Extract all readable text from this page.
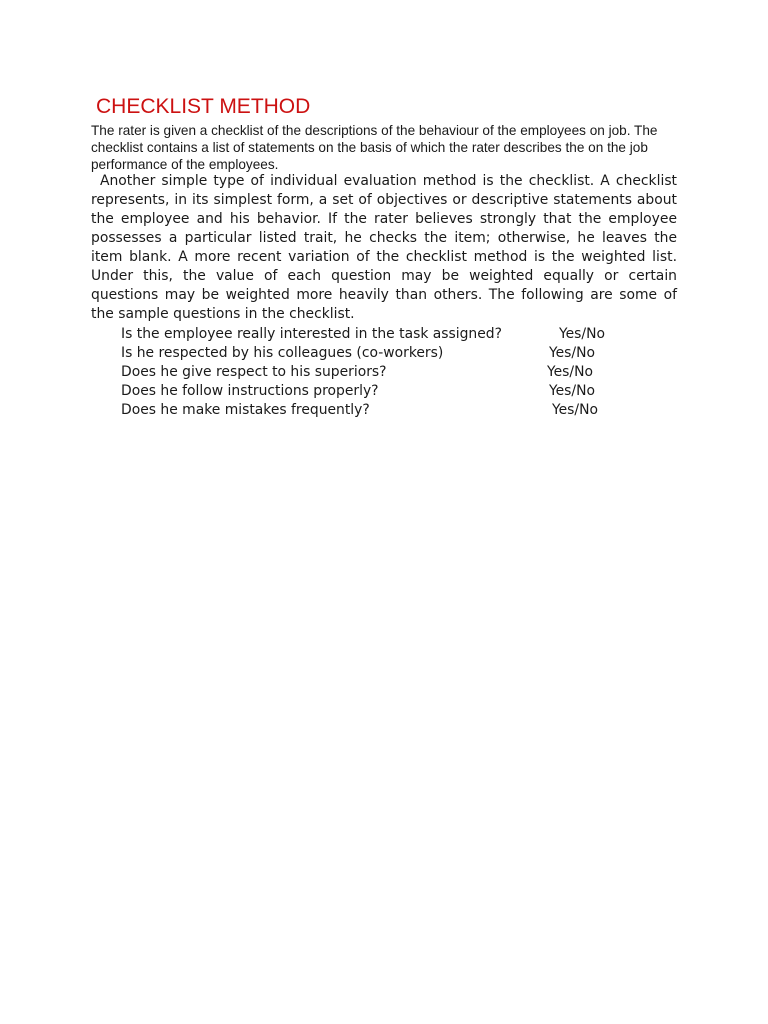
CHECKLIST METHOD

The rater is given a checklist of the descriptions of the behaviour of the employees on job. The checklist contains a list of statements on the basis of which the rater describes the on the job performance of the employees.

Another simple type of individual evaluation method is the checklist. A checklist represents, in its simplest form, a set of objectives or descriptive statements about the employee and his behavior. If the rater believes strongly that the employee possesses a particular listed trait, he checks the item; otherwise, he leaves the item blank. A more recent variation of the checklist method is the weighted list. Under this, the value of each question may be weighted equally or certain questions may be weighted more heavily than others. The following are some of the sample questions in the checklist.

Is the employee really interested in the task assigned?	Yes/No
Is he respected by his colleagues (co-workers)	Yes/No
Does he give respect to his superiors?	Yes/No
Does he follow instructions properly?	Yes/No
Does he make mistakes frequently?	Yes/No
